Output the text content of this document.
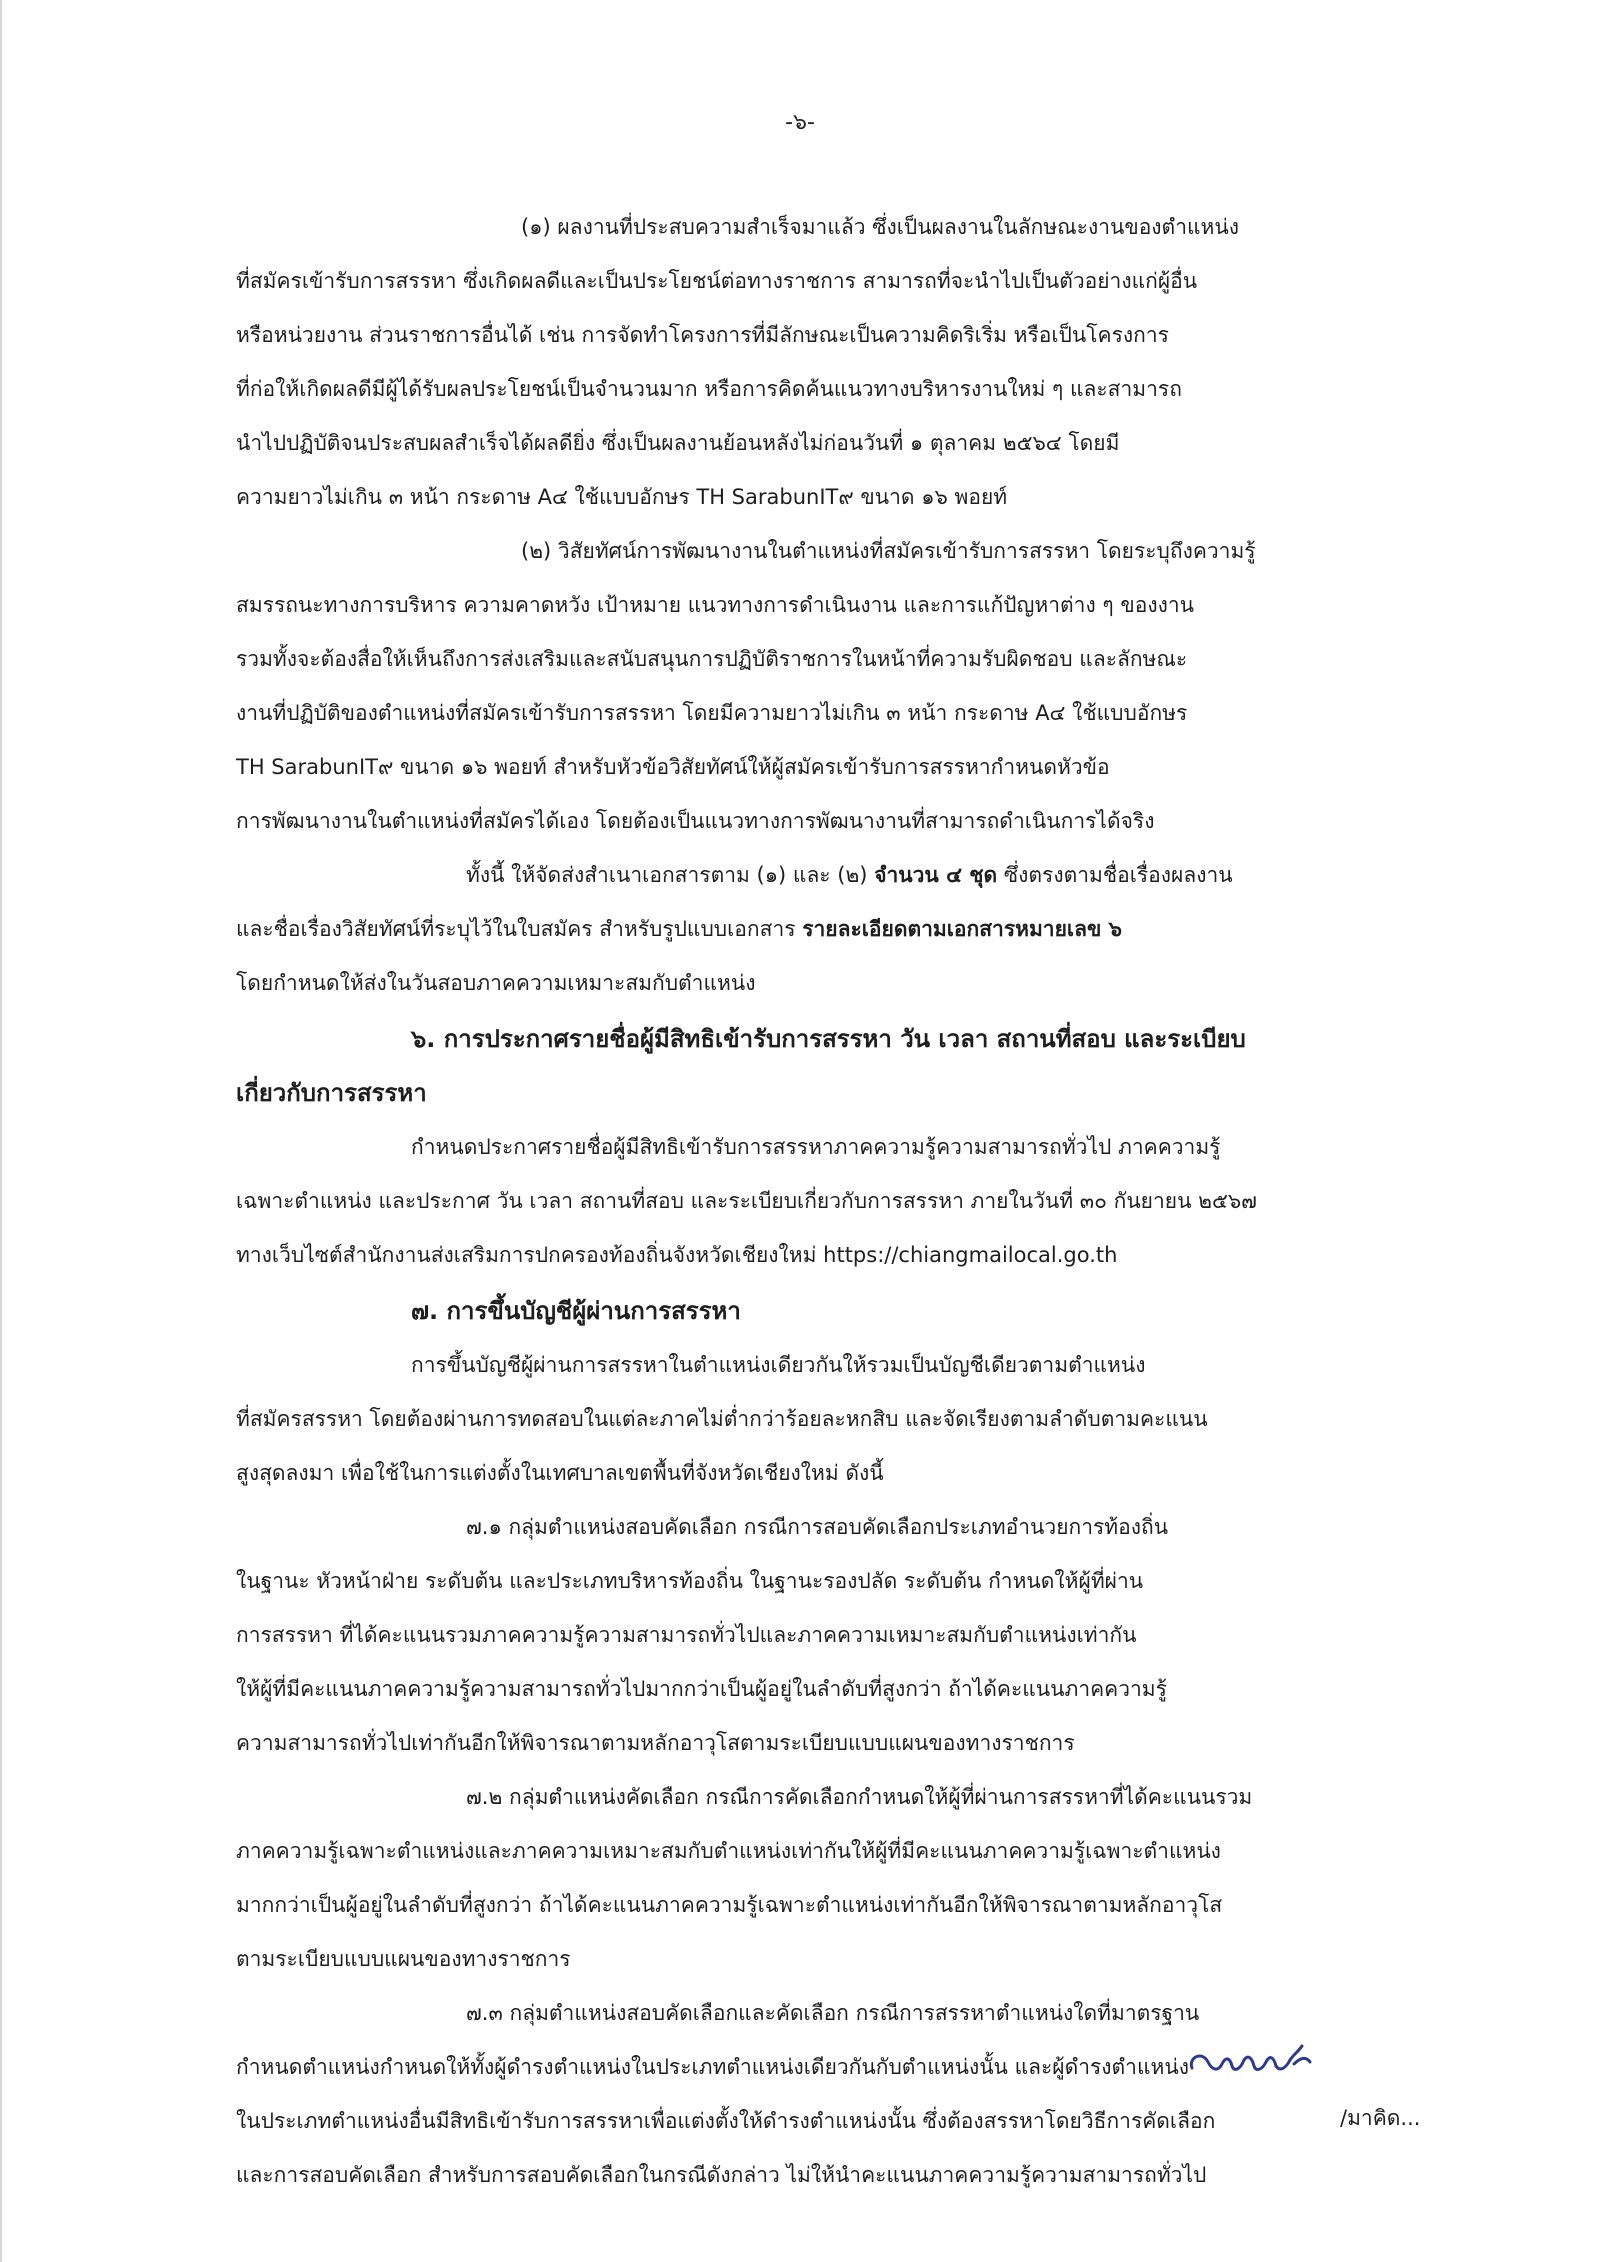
-๖-
(๑) ผลงานที่ประสบความสำเร็จมาแล้ว ซึ่งเป็นผลงานในลักษณะงานของตำแหน่ง
ที่สมัครเข้ารับการสรรหา ซึ่งเกิดผลดีและเป็นประโยชน์ต่อทางราชการ สามารถที่จะนำไปเป็นตัวอย่างแก่ผู้อื่น
หรือหน่วยงาน ส่วนราชการอื่นได้ เช่น การจัดทำโครงการที่มีลักษณะเป็นความคิดริเริ่ม หรือเป็นโครงการ
ที่ก่อให้เกิดผลดีมีผู้ได้รับผลประโยชน์เป็นจำนวนมาก หรือการคิดค้นแนวทางบริหารงานใหม่ ๆ และสามารถ
นำไปปฏิบัติจนประสบผลสำเร็จได้ผลดียิ่ง ซึ่งเป็นผลงานย้อนหลังไม่ก่อนวันที่ ๑ ตุลาคม ๒๕๖๔ โดยมี
ความยาวไม่เกิน ๓ หน้า กระดาษ A๔ ใช้แบบอักษร TH SarabunIT๙ ขนาด ๑๖ พอยท์
(๒) วิสัยทัศน์การพัฒนางานในตำแหน่งที่สมัครเข้ารับการสรรหา โดยระบุถึงความรู้
สมรรถนะทางการบริหาร ความคาดหวัง เป้าหมาย แนวทางการดำเนินงาน และการแก้ปัญหาต่าง ๆ ของงาน
รวมทั้งจะต้องสื่อให้เห็นถึงการส่งเสริมและสนับสนุนการปฏิบัติราชการในหน้าที่ความรับผิดชอบ และลักษณะ
งานที่ปฏิบัติของตำแหน่งที่สมัครเข้ารับการสรรหา โดยมีความยาวไม่เกิน ๓ หน้า กระดาษ A๔ ใช้แบบอักษร
TH SarabunIT๙ ขนาด ๑๖ พอยท์ สำหรับหัวข้อวิสัยทัศน์ให้ผู้สมัครเข้ารับการสรรหากำหนดหัวข้อ
การพัฒนางานในตำแหน่งที่สมัครได้เอง โดยต้องเป็นแนวทางการพัฒนางานที่สามารถดำเนินการได้จริง
ทั้งนี้ ให้จัดส่งสำเนาเอกสารตาม (๑) และ (๒) จำนวน ๔ ชุด ซึ่งตรงตามชื่อเรื่องผลงาน
และชื่อเรื่องวิสัยทัศน์ที่ระบุไว้ในใบสมัคร สำหรับรูปแบบเอกสาร รายละเอียดตามเอกสารหมายเลข ๖
โดยกำหนดให้ส่งในวันสอบภาคความเหมาะสมกับตำแหน่ง
๖. การประกาศรายชื่อผู้มีสิทธิเข้ารับการสรรหา วัน เวลา สถานที่สอบ และระเบียบ
เกี่ยวกับการสรรหา
กำหนดประกาศรายชื่อผู้มีสิทธิเข้ารับการสรรหาภาคความรู้ความสามารถทั่วไป ภาคความรู้
เฉพาะตำแหน่ง และประกาศ วัน เวลา สถานที่สอบ และระเบียบเกี่ยวกับการสรรหา ภายในวันที่ ๓๐ กันยายน ๒๕๖๗
ทางเว็บไซต์สำนักงานส่งเสริมการปกครองท้องถิ่นจังหวัดเชียงใหม่ https://chiangmailocal.go.th
๗. การขึ้นบัญชีผู้ผ่านการสรรหา
การขึ้นบัญชีผู้ผ่านการสรรหาในตำแหน่งเดียวกันให้รวมเป็นบัญชีเดียวตามตำแหน่ง
ที่สมัครสรรหา โดยต้องผ่านการทดสอบในแต่ละภาคไม่ต่ำกว่าร้อยละหกสิบ และจัดเรียงตามลำดับตามคะแนน
สูงสุดลงมา เพื่อใช้ในการแต่งตั้งในเทศบาลเขตพื้นที่จังหวัดเชียงใหม่ ดังนี้
๗.๑ กลุ่มตำแหน่งสอบคัดเลือก กรณีการสอบคัดเลือกประเภทอำนวยการท้องถิ่น
ในฐานะ หัวหน้าฝ่าย ระดับต้น และประเภทบริหารท้องถิ่น ในฐานะรองปลัด ระดับต้น กำหนดให้ผู้ที่ผ่าน
การสรรหา ที่ได้คะแนนรวมภาคความรู้ความสามารถทั่วไปและภาคความเหมาะสมกับตำแหน่งเท่ากัน
ให้ผู้ที่มีคะแนนภาคความรู้ความสามารถทั่วไปมากกว่าเป็นผู้อยู่ในลำดับที่สูงกว่า ถ้าได้คะแนนภาคความรู้
ความสามารถทั่วไปเท่ากันอีกให้พิจารณาตามหลักอาวุโสตามระเบียบแบบแผนของทางราชการ
๗.๒ กลุ่มตำแหน่งคัดเลือก กรณีการคัดเลือกกำหนดให้ผู้ที่ผ่านการสรรหาที่ได้คะแนนรวม
ภาคความรู้เฉพาะตำแหน่งและภาคความเหมาะสมกับตำแหน่งเท่ากันให้ผู้ที่มีคะแนนภาคความรู้เฉพาะตำแหน่ง
มากกว่าเป็นผู้อยู่ในลำดับที่สูงกว่า ถ้าได้คะแนนภาคความรู้เฉพาะตำแหน่งเท่ากันอีกให้พิจารณาตามหลักอาวุโส
ตามระเบียบแบบแผนของทางราชการ
๗.๓ กลุ่มตำแหน่งสอบคัดเลือกและคัดเลือก กรณีการสรรหาตำแหน่งใดที่มาตรฐาน
กำหนดตำแหน่งกำหนดให้ทั้งผู้ดำรงตำแหน่งในประเภทตำแหน่งเดียวกันกับตำแหน่งนั้น และผู้ดำรงตำแหน่ง
ในประเภทตำแหน่งอื่นมีสิทธิเข้ารับการสรรหาเพื่อแต่งตั้งให้ดำรงตำแหน่งนั้น ซึ่งต้องสรรหาโดยวิธีการคัดเลือก
และการสอบคัดเลือก สำหรับการสอบคัดเลือกในกรณีดังกล่าว ไม่ให้นำคะแนนภาคความรู้ความสามารถทั่วไป
/มาคิด...
